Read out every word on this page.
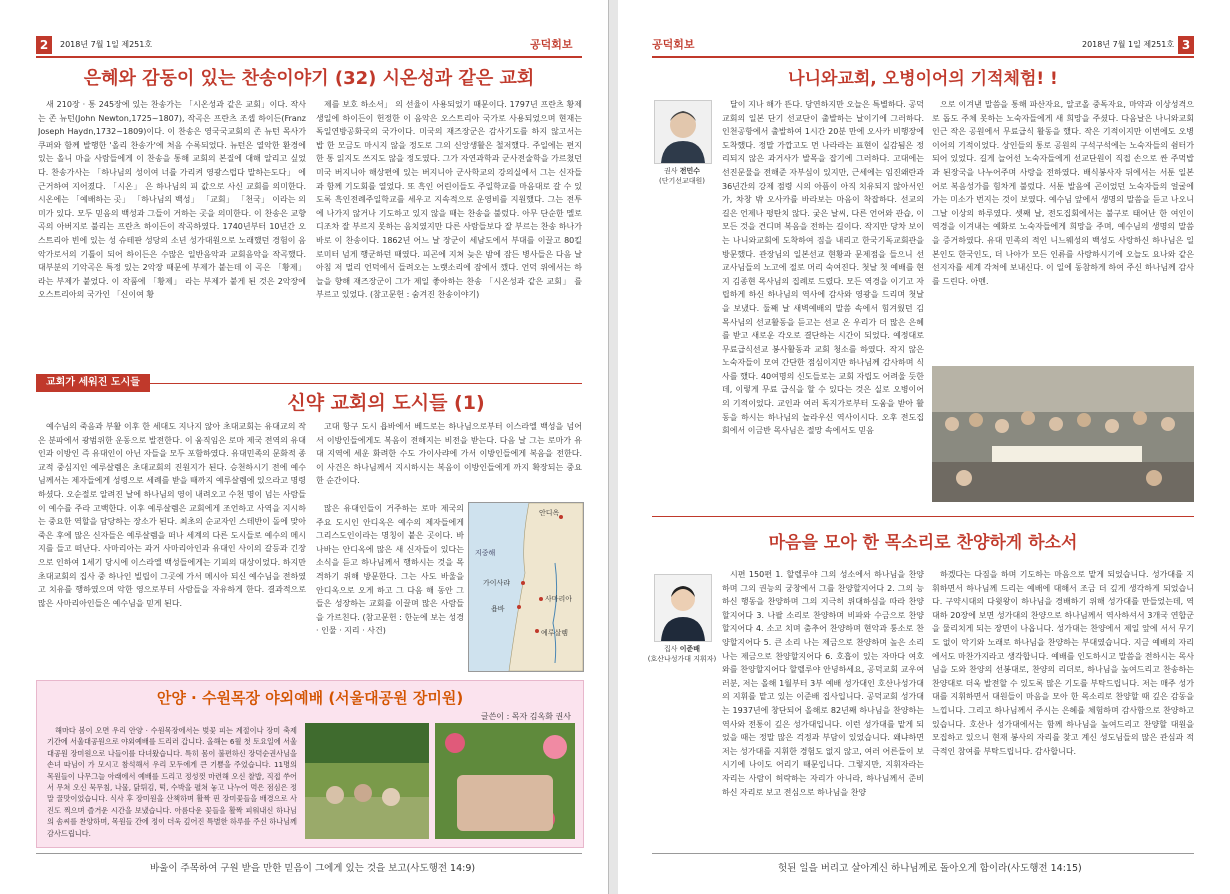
2	2018년 7월 1일 제251호	공덕회보
은혜와 감동이 있는 찬송이야기 (32) 시온성과 같은 교회

새 210장 · 통 245장에 있는 찬송가는 「시온성과 같은 교회」이다. 작사는 존 뉴턴(John Newton,1725~1807), 작곡은 프란츠 조셉 하이든(Franz Joseph Haydn,1732~1809)이다. 이 찬송은 영국국교회의 존 뉴턴 목사가 쿠퍼와 함께 발행한 '올리 찬송가'에 처음 수록되었다. 뉴턴은 열악한 환경에 있는 올니 마을 사람들에게 이 찬송을 통해 교회의 본질에 대해 알리고 싶었다. 찬송가사는 「하나님의 성이여 너를 가리켜 영광스럽다 말하는도다」 에 근거하여 지어졌다. 「시온」 은 하나님의 피 값으로 사신 교회를 의미한다. 시온에는 「예배하는 곳」 「하나님의 백성」 「교회」 「천국」 이라는 의미가 있다. 모두 믿음의 백성과 그들이 거하는 곳을 의미한다. 이 찬송은 교향곡의 아버지로 불리는 프란츠 하이든이 작곡하였다. 1740년부터 10년간 오스트리아 빈에 있는 성 슈테판 성당의 소년 성가대원으로 노래했던 경험이 음악가로서의 기틀이 되어 하이든은 수많은 일반음악과 교회음악을 작곡했다. 대부분의 기악곡은 특정 있는 2악장 때문에 부제가 붙는데 이 곡은 「황제」 라는 부제가 붙었다. 이 작품에 「황제」 라는 부제가 붙게 된 것은 2악장에 오스트리아의 국가인 「신이여 황

제를 보호 하소서」 의 선율이 사용되었기 때문이다. 1797년 프란츠 황제 생일에 하이든이 헌정한 이 음악은 오스트리아 국가로 사용되었으며 현재는 독일연방공화국의 국가이다. 미국의 재즈장군은 감사기도를 하지 않고서는 밥 한 모금도 마시지 않을 정도로 그의 신앙생활은 철저했다. 주일에는 편지 한 통 읽지도 쓰지도 않을 정도였다. 그가 자연과학과 군사전술학을 가르쳤던 미국 버지니아 해상편에 있는 버지니아 군사학교의 강의실에서 그는 신자들과 함께 기도회를 열었다. 또 흑인 어린이들도 주일학교를 마음대로 갈 수 있도록 흑인전례주일학교를 세우고 지속적으로 운영비를 지원했다. 그는 전투에 나가지 않거나 기도하고 있지 않을 때는 찬송을 불렀다. 아무 단순한 멜로디조차 잘 부르지 못하는 음치였지만 다른 사람들보다 잘 부르는 찬송 하나가 바로 이 찬송이다. 1862년 어느 날 장군이 세남도에서 부대를 이끌고 80킬로미터 넘게 행군하던 때였다. 피곤에 지쳐 늦은 밤에 잠든 병사들은 다음 날 아침 저 멀리 언덕에서 들려오는 노랫소리에 잠에서 깼다. 언덕 위에서는 하늘을 향해 재즈장군이 그가 제일 좋아하는 찬송 「시온성과 같은 교회」 를 부르고 있었다. (참고문헌 : 숨겨진 찬송이야기)

교회가 세워진 도시들
신약 교회의 도시들 (1)

예수님의 죽음과 부활 이후 한 세대도 지나지 않아 초대교회는 유대교의 작은 분파에서 광범위한 운동으로 발전한다. 이 움직임은 로마 제국 전역의 유대인과 이방인 즉 유대인이 아닌 자들을 모두 포함하였다. 유대민족의 문화적 종교적 중심지인 예루살렘은 초대교회의 진원지가 된다. 승천하시기 전에 예수님께서는 제자들에게 성령으로 세례를 받을 때까지 예루살렘에 있으라고 명령하셨다. 오순절로 알려진 날에 하나님의 영이 내려오고 수천 명이 넘는 사람들이 예수를 주라 고백한다. 이후 예루살렘은 교회에게 조언하고 사역을 지시하는 중요한 역할을 담당하는 장소가 된다. 최초의 순교자인 스데반이 돌에 맞아 죽은 후에 많은 신자들은 예루살렘을 떠나 세계의 다른 도시들로 예수의 메시지를 들고 떠난다. 사마리아는 과거 사마리아인과 유대인 사이의 갈등과 긴장으로 인하여 1세기 당시에 이스라엘 백성들에게는 기피의 대상이었다. 하지만 초대교회의 집사 중 하나인 빌립이 그곳에 가서 메시아 되신 예수님을 전하였고 치유를 행하였으며 악한 영으로부터 사람들을 자유하게 한다. 결과적으로 많은 사마리아인들은 예수님을 믿게 된다.

고대 항구 도시 욥바에서 베드로는 하나님으로부터 이스라엘 백성을 넘어서 이방인들에게도 복음이 전해지는 비전을 받는다. 다음 날 그는 로마가 유대 지역에 세운 화려한 수도 가이사랴에 가서 이방인들에게 복음을 전한다. 이 사건은 하나님께서 지시하시는 복음이 이방인들에게 까지 확장되는 중요한 순간이다.

많은 유대인들이 거주하는 로마 제국의 주요 도시인 안디옥은 예수의 제자들에게 그리스도인이라는 명칭이 붙은 곳이다. 바나바는 안디옥에 많은 새 신자들이 있다는 소식을 듣고 하나님께서 행하시는 것을 목격하기 위해 방문한다. 그는 사도 바울을 안디옥으로 오게 하고 그 다음 해 동안 그들은 성장하는 교회를 이끌며 많은 사람들을 가르친다. (참고문헌 : 한눈에 보는 성경 · 인물 · 지리 · 사건)

안디옥
지중해
가이사랴
욥바
사마리아
예루살렘
안양 · 수원목장 야외예배 (서울대공원 장미원)
글쓴이 : 목자 김옥화 권사

해마다 봄이 오면 우리 안양 · 수원목장에서는 벚꽃 피는 계절이나 장미 축제 기간에 서울대공원으로 야외예배를 드리러 갑니다. 올해는 6월 첫 토요일에 서울대공원 장미원으로 나들이를 다녀왔습니다. 특히 몸이 불편하신 장덕순권사님을 손녀 따님이 가 모시고 참석해서 우리 모두에게 큰 기쁨을 주었습니다. 11명의 목원들이 나무그늘 아래에서 예배를 드리고 정성껏 마련해 오신 찰밥, 직접 쑤어서 무쳐 오신 묵무침, 나물, 닭튀김, 떡, 수박을 펼쳐 놓고 나누어 먹은 점심은 정말 꿀맛이었습니다. 식사 후 장미원을 산책하며 활짝 핀 장미꽃들을 배경으로 사진도 찍으며 즐거운 시간을 보냈습니다. 아름다운 꽃들을 활짝 피워내신 하나님의 솜씨를 찬양하며, 목원들 간에 정이 더욱 깊어진 특별한 하루를 주신 하나님께 감사드립니다.

바울이 주목하여 구원 받을 만한 믿음이 그에게 있는 것을 보고(사도행전 14:9)
공덕회보	2018년 7월 1일 제251호 3
나니와교회, 오병이어의 기적체험! !
권사 전민수
(단기선교대원)

달이 지나 해가 뜬다. 당연하지만 오늘은 특별하다. 공덕교회의 일본 단기 선교단이 출발하는 날이기에 그러하다. 인천공항에서 출발하여 1시간 20분 만에 오사카 비행장에 도착했다. 정말 가깝고도 먼 나라라는 표현이 실감됨은 정리되지 않은 과거사가 발목을 잡기에 그러하다. 고대에는 선진문물을 전해준 자부심이 있지만, 근세에는 임진왜란과 36년간의 강제 점령 시의 아픔이 아직 치유되지 않아서인가, 차창 밖 오사카를 바라보는 마음이 착잡하다. 선교의 길은 언제나 평탄치 않다. 궂은 날씨, 다른 언어와 관습, 이 모든 것을 견디며 복음을 전하는 길이다. 작지만 당차 보이는 나니와교회에 도착하여 짐을 내리고 한국기독교회관을 방문했다. 관장님의 일본선교 현황과 문제점을 들으니 선교사님들의 노고에 절로 머리 숙여진다. 첫날 첫 예배를 현지 김종현 목사님의 집례로 드렸다. 모든 역경을 이기고 자립하게 하신 하나님의 역사에 감사와 영광을 드리며 첫날을 보냈다. 둘째 날 새벽예배의 말씀 속에서 힘겨웠던 김 목사님의 선교활동을 듣고는 선교 온 우리가 더 많은 은혜를 받고 새로운 각오로 결단하는 시간이 되었다. 예정대로 무료급식선교 봉사활동과 교회 청소를 하였다. 작지 않은 노숙자들이 모여 간단한 점심이지만 하나님께 감사하며 식사를 했다. 40여명의 신도들로는 교회 자립도 어려울 듯한데, 이렇게 무료 급식을 할 수 있다는 것은 실로 오병이어의 기적이었다. 교인과 여러 독지가로부터 도움을 받아 활동을 하시는 하나님의 놀라우신 역사이시다. 오후 전도집회에서 이금반 목사님은 절망 속에서도 믿음

으로 이겨낸 말씀을 통해 파산자요, 알코올 중독자요, 마약과 이상성격으로 돕도 주체 못하는 노숙자들에게 새 희망을 주셨다. 다음날은 나니와교회 인근 작은 공원에서 무료급식 활동을 했다. 작은 기적이지만 이번에도 오병이어의 기적이었다. 상인들의 통로 공원의 구석구석에는 노숙자들의 쉼터가 되어 있었다. 길게 늘어선 노숙자들에게 선교단원이 직접 손으로 싼 주먹밥과 된장국을 나누어주며 사랑을 전하였다. 배식봉사자 뒤에서는 서툰 일본어로 복음성가를 힘차게 불렀다. 서툰 발음에 곤이었던 노숙자들의 얼굴에 가는 미소가 번지는 것이 보였다. 예수님 앞에서 생명의 말씀을 듣고 나오니 그날 이상의 하루였다. 셋째 날, 전도집회에서는 불구로 태어난 한 여인이 역경을 이겨내는 예화로 노숙자들에게 희망을 주며, 예수님의 생명의 말씀을 증거하였다. 유대 민족의 적인 니느웨성의 백성도 사랑하신 하나님은 일본인도 한국인도, 더 나아가 모든 인류를 사랑하시기에 오늘도 요나와 같은 선지자를 세계 각처에 보내신다. 이 일에 동참하게 하여 주신 하나님께 감사를 드린다. 아멘.

마음을 모아 한 목소리로 찬양하게 하소서
집사 이준배
(호산나성가대 지휘자)

시편 150편 1. 할렐루야 그의 성소에서 하나님을 찬양하며 그의 권능의 궁창에서 그를 찬양할지어다 2. 그의 능하신 행동을 찬양하며 그의 지극히 위대하심을 따라 찬양할지어다 3. 나팔 소리로 찬양하며 비파와 수금으로 찬양할지어다 4. 소고 치며 춤추어 찬양하며 현악과 퉁소로 찬양할지어다 5. 큰 소리 나는 제금으로 찬양하며 높은 소리 나는 제금으로 찬양할지어다 6. 호흡이 있는 자마다 여호와를 찬양할지어다 할렐루야 안녕하세요, 공덕교회 교우여러분, 저는 올해 1월부터 3부 예배 성가대인 호산나성가대의 지휘를 맡고 있는 이준배 집사입니다. 공덕교회 성가대는 1937년에 창단되어 올해로 82년째 하나님을 찬양하는 역사와 전통이 깊은 성가대입니다. 이런 성가대를 맡게 되었을 때는 정말 많은 걱정과 부담이 있었습니다. 왜냐하면 저는 성가대를 지휘한 경험도 없지 않고, 여러 어른들이 보시기에 나이도 어리기 때문입니다. 그렇지만, 지휘자라는 자리는 사람이 허락하는 자리가 아니라, 하나님께서 준비하신 자리로 보고 전심으로 하나님을 찬양

하겠다는 다짐을 하며 기도하는 마음으로 맡게 되었습니다. 성가대를 지휘하면서 하나님께 드리는 예배에 대해서 조금 더 깊게 생각하게 되었습니다. 구약시대의 다윗왕이 하나님을 경배하기 위해 성가대를 만들었는데, 역대하 20장에 보면 성가대의 찬양으로 하나님께서 역사하셔서 3개국 연합군을 물리치게 되는 장면이 나옵니다. 성가대는 찬양에서 제일 앞에 서서 무기도 없이 악기와 노래로 하나님을 찬양하는 부대였습니다. 지금 예배의 자리에서도 마찬가지라고 생각합니다. 예배를 인도하시고 말씀을 전하시는 목사님을 도와 찬양의 선봉대로, 찬양의 리더로, 하나님을 높여드리고 찬송하는 찬양대로 더욱 발전할 수 있도록 많은 기도를 부탁드립니다. 저는 매주 성가대를 지휘하면서 대원들이 마음을 모아 한 목소리로 찬양할 때 깊은 감동을 느낍니다. 그리고 하나님께서 주시는 은혜를 체험하며 감사함으로 찬양하고 있습니다. 호산나 성가대에서는 함께 하나님을 높여드리고 찬양할 대원을 모집하고 있으니 현재 봉사의 자리를 찾고 계신 성도님들의 많은 관심과 적극적인 참여를 부탁드립니다. 감사합니다.

헛된 일을 버리고 살아계신 하나님께로 돌아오게 함이라(사도행전 14:15)
